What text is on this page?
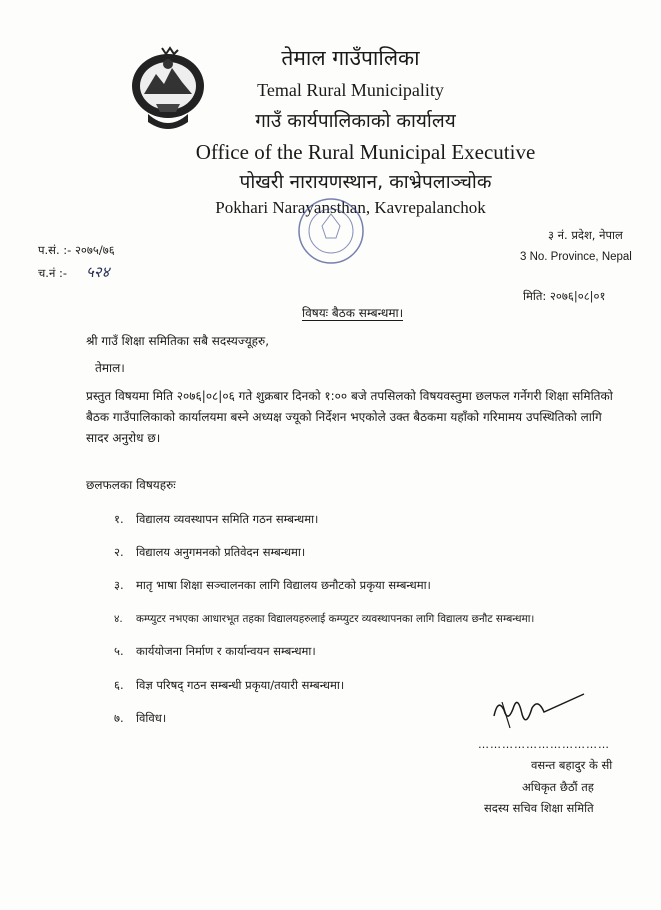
तेमाल गाउँपालिका
Temal Rural Municipality
गाउँ कार्यपालिकाको कार्यालय
Office of the Rural Municipal Executive
पोखरी नारायणस्थान, काभ्रेपलाञ्चोक
Pokhari Narayansthan, Kavrepalanchok
३ नं. प्रदेश, नेपाल
3 No. Province, Nepal
प.सं. :- २०७५/७६
च.नं :- ५२४
मिति: २०७६|०८|०१
विषयः बैठक सम्बन्धमा।
श्री गाउँ शिक्षा समितिका सबै सदस्यज्यूहरु,
तेमाल।
प्रस्तुत विषयमा मिति २०७६|०८|०६ गते शुक्रबार दिनको १:०० बजे तपसिलको विषयवस्तुमा छलफल गर्नेगरी शिक्षा समितिको बैठक गाउँपालिकाको कार्यालयमा बस्ने अध्यक्ष ज्यूको निर्देशन भएकोले उक्त बैठकमा यहाँको गरिमामय उपस्थितिको लागि सादर अनुरोध छ।
छलफलका विषयहरुः
१. विद्यालय व्यवस्थापन समिति गठन सम्बन्धमा।
२. विद्यालय अनुगमनको प्रतिवेदन सम्बन्धमा।
३. मातृ भाषा शिक्षा सञ्चालनका लागि विद्यालय छनौटको प्रकृया सम्बन्धमा।
४. कम्प्युटर नभएका आधारभूत तहका विद्यालयहरुलाई कम्प्युटर व्यवस्थापनका लागि विद्यालय छनौट सम्बन्धमा।
५. कार्ययोजना निर्माण र कार्यान्वयन सम्बन्धमा।
६. विज्ञ परिषद् गठन सम्बन्धी प्रकृया/तयारी सम्बन्धमा।
७. विविध।
……………………………
वसन्त बहादुर के सी
अधिकृत छैठौं तह
सदस्य सचिव शिक्षा समिति
